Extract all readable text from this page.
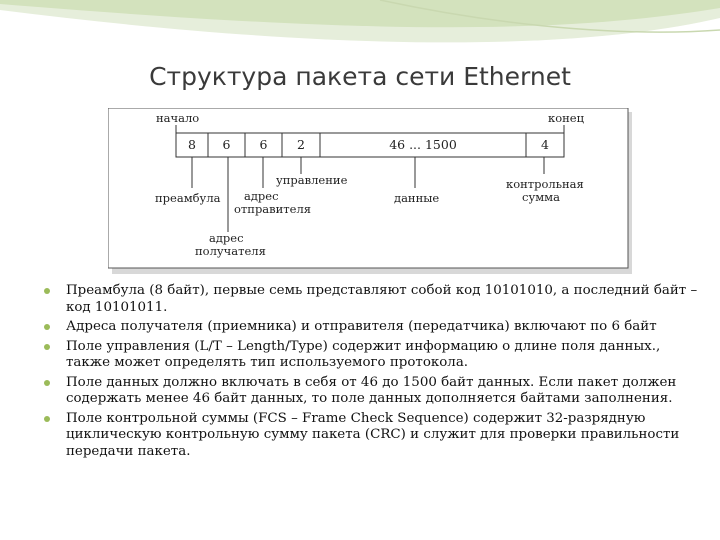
Структура пакета сети Ethernet
начало	конец
8	6	6	2	46 ... 1500	4
преамбула адрес
отправителя
адрес
получателя
управление
данные
контрольная
сумма
Преамбула (8 байт), первые семь представляют собой код 10101010, а последний байт – код 10101011.
Адреса получателя (приемника) и отправителя (передатчика) включают по 6 байт
Поле управления (L/T – Length/Type) содержит информацию о длине поля данных., также может определять тип используемого протокола.
Поле данных должно включать в себя от 46 до 1500 байт данных. Если пакет должен содержать менее 46 байт данных, то поле данных дополняется байтами заполнения.
Поле контрольной суммы (FCS – Frame Check Sequence) содержит 32-разрядную циклическую контрольную сумму пакета (CRC) и служит для проверки правильности передачи пакета.
